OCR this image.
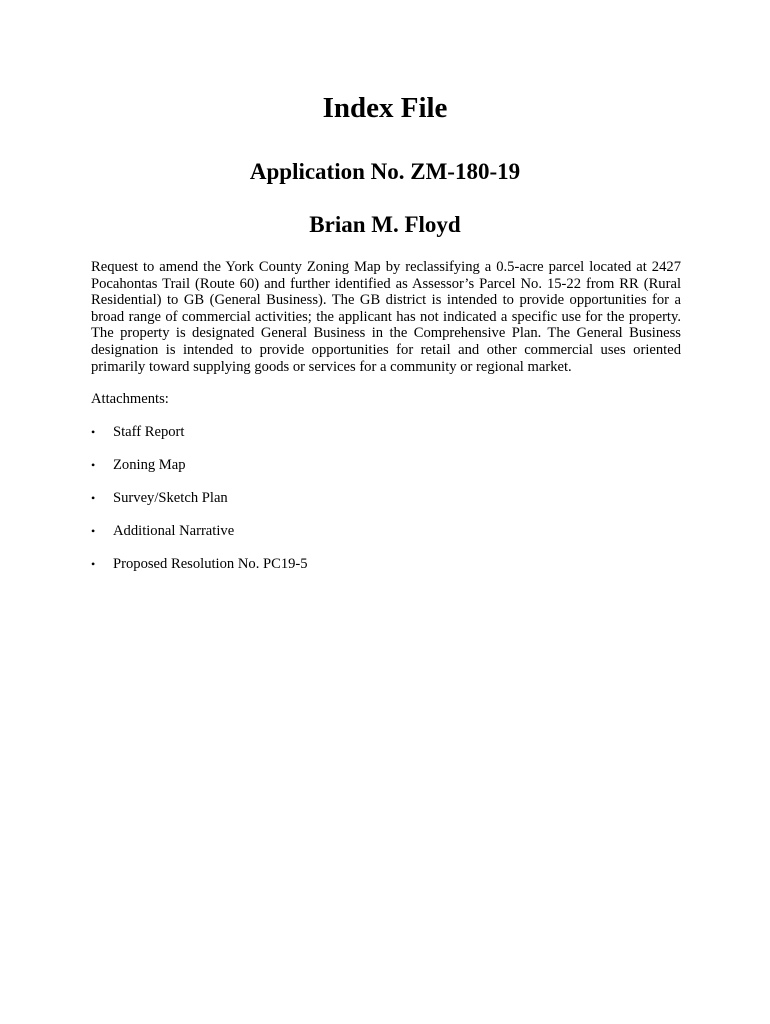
Index File
Application No. ZM-180-19
Brian M. Floyd

Request to amend the York County Zoning Map by reclassifying a 0.5-acre parcel located at 2427 Pocahontas Trail (Route 60) and further identified as Assessor’s Parcel No. 15-22 from RR (Rural Residential) to GB (General Business). The GB district is intended to provide opportunities for a broad range of commercial activities; the applicant has not indicated a specific use for the property. The property is designated General Business in the Comprehensive Plan. The General Business designation is intended to provide opportunities for retail and other commercial uses oriented primarily toward supplying goods or services for a community or regional market.

Attachments:

• Staff Report
• Zoning Map
• Survey/Sketch Plan
• Additional Narrative
• Proposed Resolution No. PC19-5
